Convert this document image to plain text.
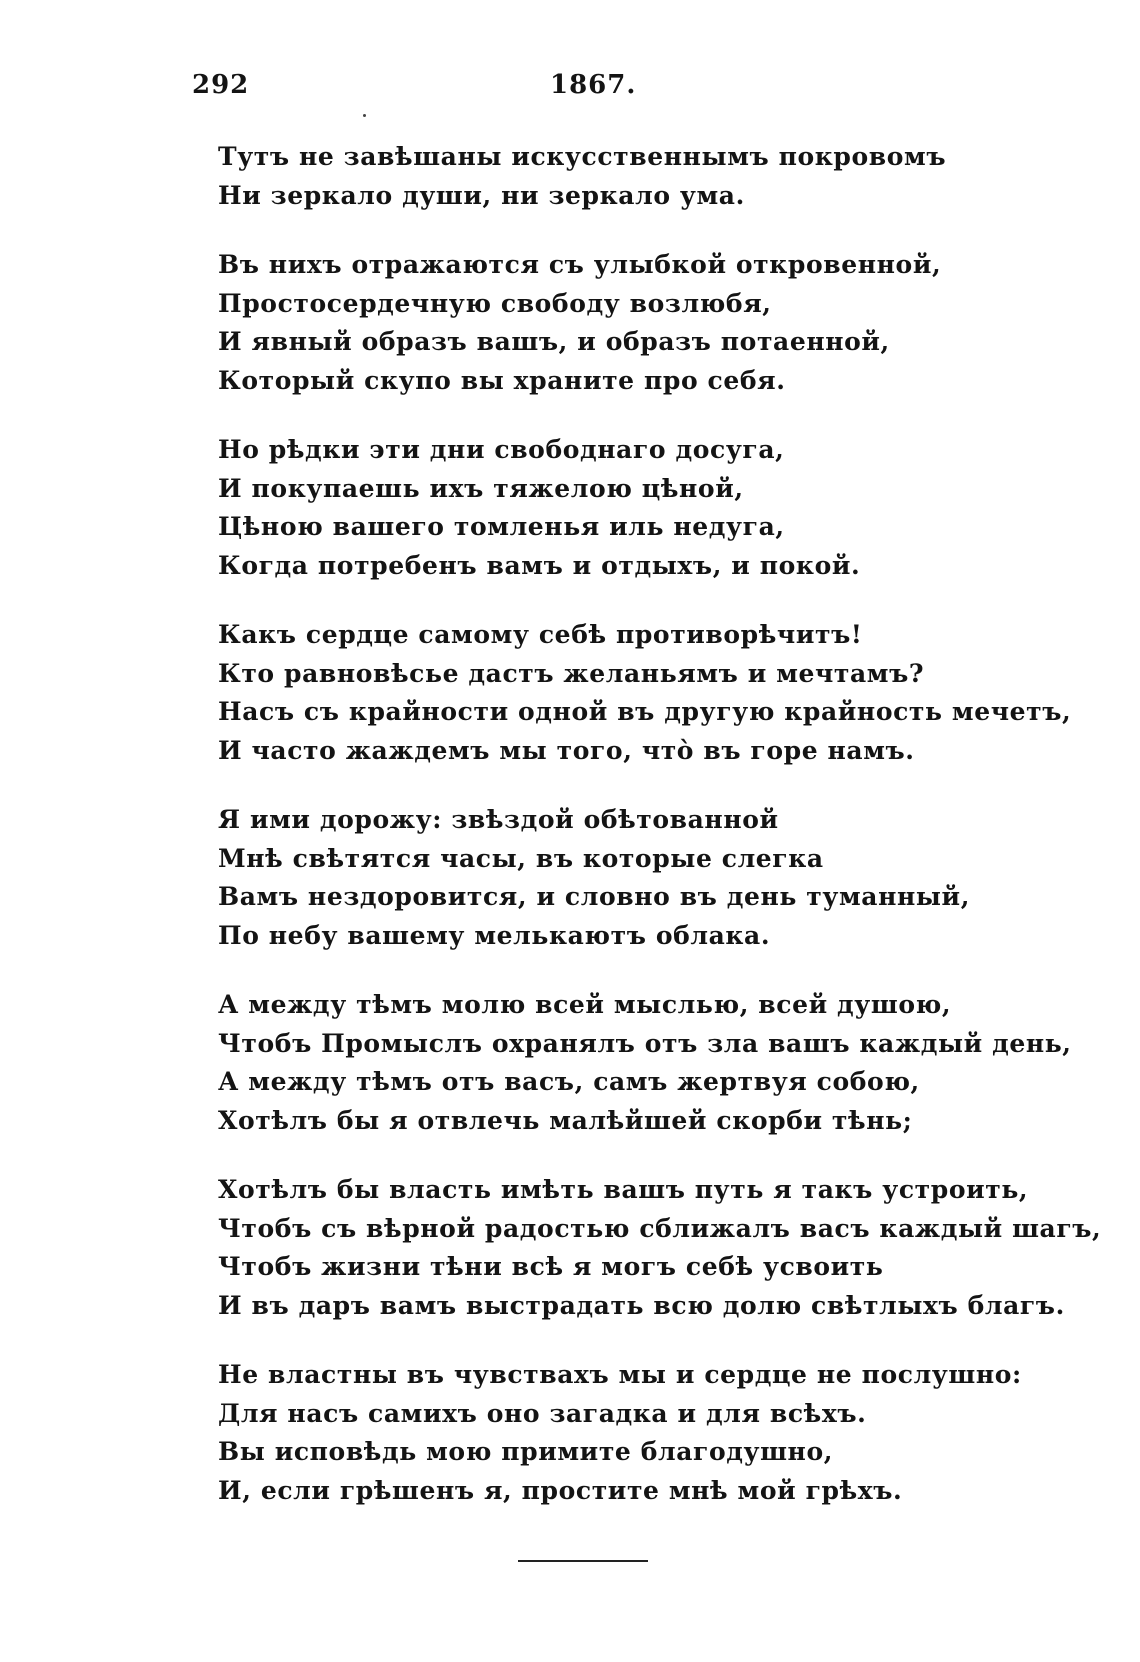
292	1867.
Тутъ не завѣшаны искусственнымъ покровомъ
Ни зеркало души, ни зеркало ума.
Въ нихъ отражаются съ улыбкой откровенной,
Простосердечную свободу возлюбя,
И явный образъ вашъ, и образъ потаенной,
Который скупо вы храните про себя.
Но рѣдки эти дни свободнаго досуга,
И покупаешь ихъ тяжелою цѣной,
Цѣною вашего томленья иль недуга,
Когда потребенъ вамъ и отдыхъ, и покой.
Какъ сердце самому себѣ противорѣчитъ!
Кто равновѣсье дастъ желаньямъ и мечтамъ?
Насъ съ крайности одной въ другую крайность мечетъ,
И часто жаждемъ мы того, что̀ въ горе намъ.
Я ими дорожу: звѣздой обѣтованной
Мнѣ свѣтятся часы, въ которые слегка
Вамъ нездоровится, и словно въ день туманный,
По небу вашему мелькаютъ облака.
А между тѣмъ молю всей мыслью, всей душою,
Чтобъ Промыслъ охранялъ отъ зла вашъ каждый день,
А между тѣмъ отъ васъ, самъ жертвуя собою,
Хотѣлъ бы я отвлечь малѣйшей скорби тѣнь;
Хотѣлъ бы власть имѣть вашъ путь я такъ устроить,
Чтобъ съ вѣрной радостью сближалъ васъ каждый шагъ,
Чтобъ жизни тѣни всѣ я могъ себѣ усвоить
И въ даръ вамъ выстрадать всю долю свѣтлыхъ благъ.
Не властны въ чувствахъ мы и сердце не послушно:
Для насъ самихъ оно загадка и для всѣхъ.
Вы исповѣдь мою примите благодушно,
И, если грѣшенъ я, простите мнѣ мой грѣхъ.
